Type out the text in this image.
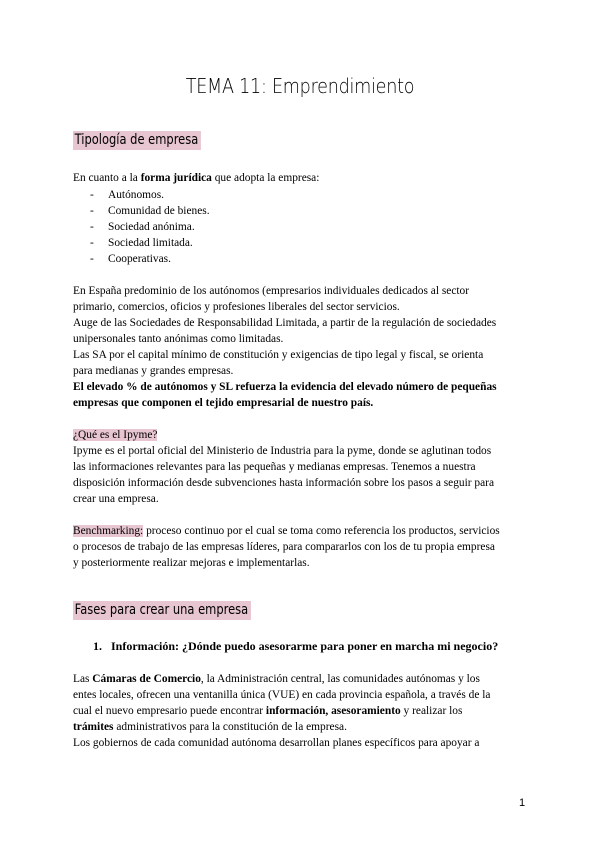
TEMA 11: Emprendimiento
Tipología de empresa
En cuanto a la forma jurídica que adopta la empresa:
- Autónomos.
- Comunidad de bienes.
- Sociedad anónima.
- Sociedad limitada.
- Cooperativas.
En España predominio de los autónomos (empresarios individuales dedicados al sector
primario, comercios, oficios y profesiones liberales del sector servicios.
Auge de las Sociedades de Responsabilidad Limitada, a partir de la regulación de sociedades
unipersonales tanto anónimas como limitadas.
Las SA por el capital mínimo de constitución y exigencias de tipo legal y fiscal, se orienta
para medianas y grandes empresas.
El elevado % de autónomos y SL refuerza la evidencia del elevado número de pequeñas
empresas que componen el tejido empresarial de nuestro país.
¿Qué es el Ipyme?
Ipyme es el portal oficial del Ministerio de Industria para la pyme, donde se aglutinan todos
las informaciones relevantes para las pequeñas y medianas empresas. Tenemos a nuestra
disposición información desde subvenciones hasta información sobre los pasos a seguir para
crear una empresa.
Benchmarking: proceso continuo por el cual se toma como referencia los productos, servicios
o procesos de trabajo de las empresas líderes, para compararlos con los de tu propia empresa
y posteriormente realizar mejoras e implementarlas.
Fases para crear una empresa
1. Información: ¿Dónde puedo asesorarme para poner en marcha mi negocio?
Las Cámaras de Comercio, la Administración central, las comunidades autónomas y los
entes locales, ofrecen una ventanilla única (VUE) en cada provincia española, a través de la
cual el nuevo empresario puede encontrar información, asesoramiento y realizar los
trámites administrativos para la constitución de la empresa.
Los gobiernos de cada comunidad autónoma desarrollan planes específicos para apoyar a
1
